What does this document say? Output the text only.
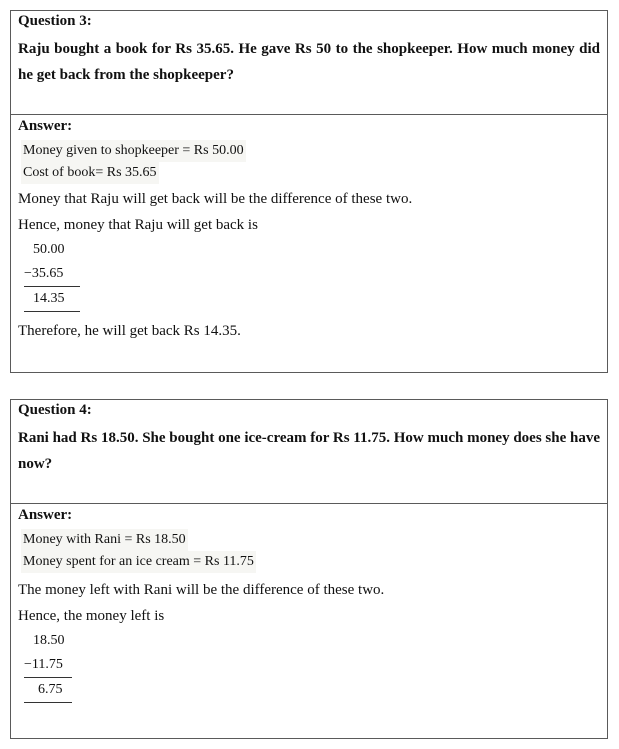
Question 3:
Raju bought a book for Rs 35.65. He gave Rs 50 to the shopkeeper. How much money did he get back from the shopkeeper?
Answer:
Money given to shopkeeper = Rs 50.00
Cost of book= Rs 35.65
Money that Raju will get back will be the difference of these two.
Hence, money that Raju will get back is
50.00
−35.65
14.35
Therefore, he will get back Rs 14.35.
Question 4:
Rani had Rs 18.50. She bought one ice-cream for Rs 11.75. How much money does she have now?
Answer:
Money with Rani = Rs 18.50
Money spent for an ice cream = Rs 11.75
The money left with Rani will be the difference of these two.
Hence, the money left is
18.50
−11.75
6.75
